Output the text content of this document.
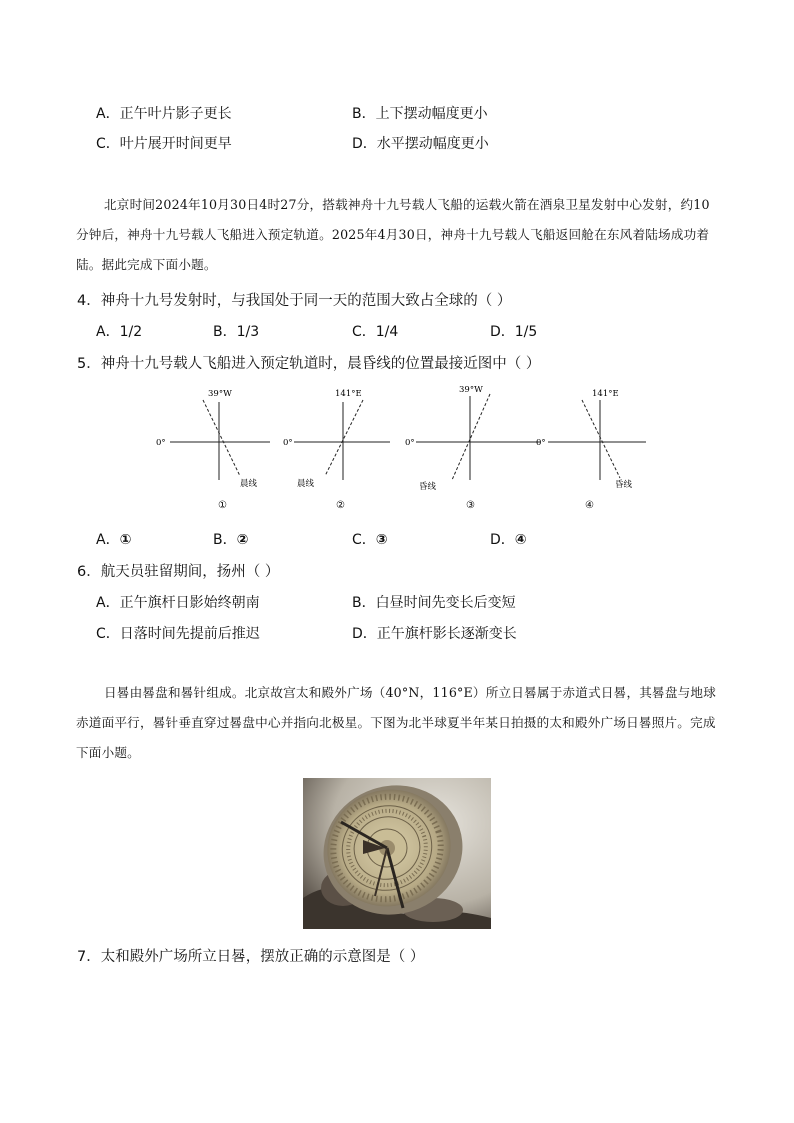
A．正午叶片影子更长	B．上下摆动幅度更小
C．叶片展开时间更早	D．水平摆动幅度更小

北京时间2024年10月30日4时27分，搭载神舟十九号载人飞船的运载火箭在酒泉卫星发射中心发射，约10分钟后，神舟十九号载人飞船进入预定轨道。2025年4月30日，神舟十九号载人飞船返回舱在东风着陆场成功着陆。据此完成下面小题。

4．神舟十九号发射时，与我国处于同一天的范围大致占全球的（ ）
A．1/2	B．1/3	C．1/4	D．1/5
5．神舟十九号载人飞船进入预定轨道时，晨昏线的位置最接近图中（ ）
39°W
0°
晨线
①
141°E
0°
晨线
②
39°W
0°
昏线
③
141°E
0°
昏线
④
A．①	B．②	C．③	D．④
6．航天员驻留期间，扬州（ ）
A．正午旗杆日影始终朝南	B．白昼时间先变长后变短
C．日落时间先提前后推迟	D．正午旗杆影长逐渐变长

日晷由晷盘和晷针组成。北京故宫太和殿外广场（40°N，116°E）所立日晷属于赤道式日晷，其晷盘与地球赤道面平行，晷针垂直穿过晷盘中心并指向北极星。下图为北半球夏半年某日拍摄的太和殿外广场日晷照片。完成下面小题。

7．太和殿外广场所立日晷，摆放正确的示意图是（ ）
